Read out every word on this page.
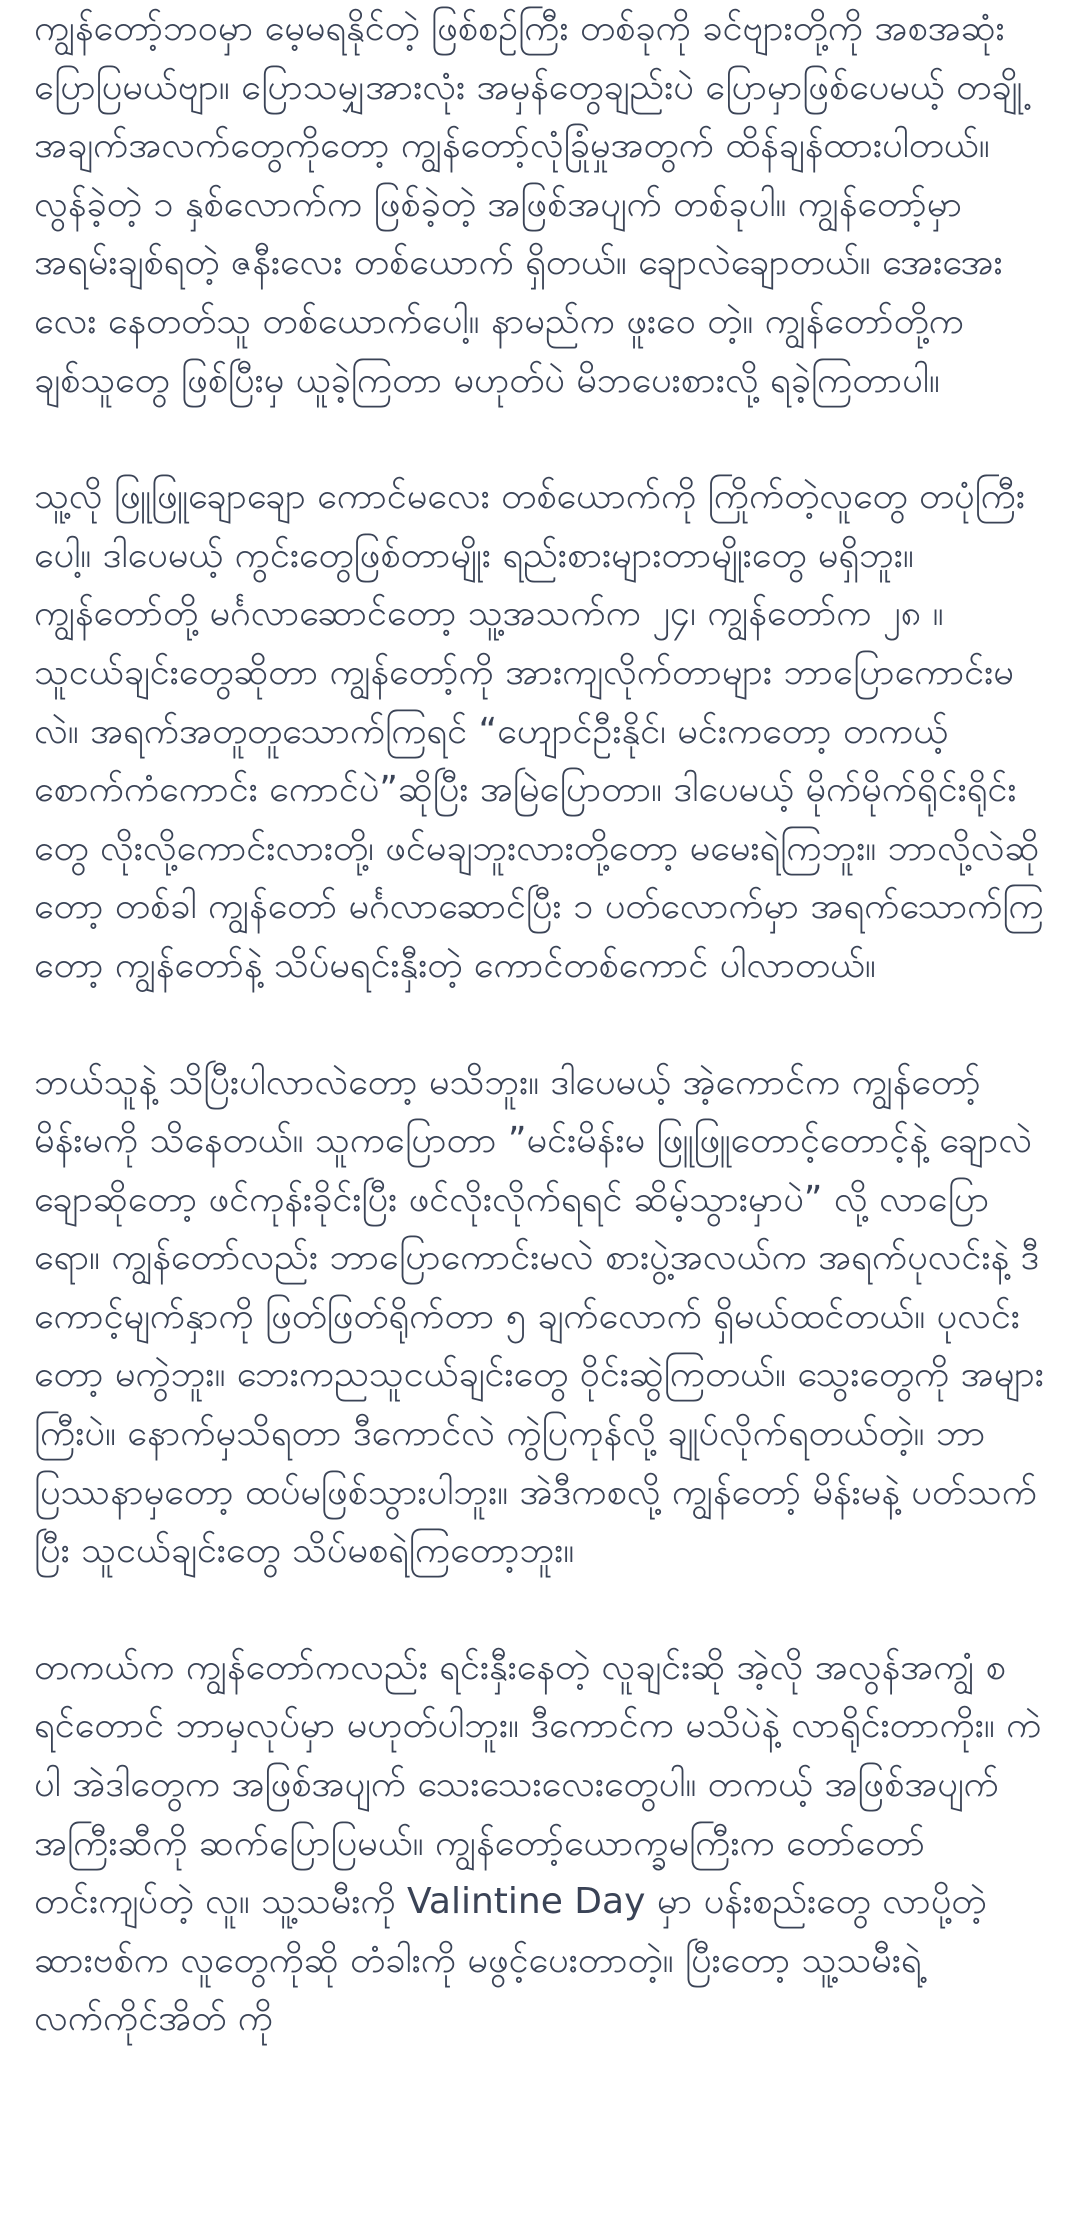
ကျွန်တော့်ဘဝမှာ မေ့မရနိုင်တဲ့ ဖြစ်စဉ်ကြီး တစ်ခုကို ခင်ဗျားတို့ကို အစအဆုံး ပြောပြမယ်ဗျာ။ ပြောသမျှအားလုံး အမှန်တွေချည်းပဲ ပြောမှာဖြစ်ပေမယ့် တချို့အချက်အလက်တွေကိုတော့ ကျွန်တော့်လုံခြုံမှုအတွက် ထိန်ချန်ထားပါတယ်။ လွန်ခဲ့တဲ့ ၁ နှစ်လောက်က ဖြစ်ခဲ့တဲ့ အဖြစ်အပျက် တစ်ခုပါ။ ကျွန်တော့်မှာ အရမ်းချစ်ရတဲ့ ဇနီးလေး တစ်ယောက် ရှိတယ်။ ချောလဲချောတယ်။ အေးအေးလေး နေတတ်သူ တစ်ယောက်ပေါ့။ နာမည်က ဖူးဝေ တဲ့။ ကျွန်တော်တို့က ချစ်သူတွေ ဖြစ်ပြီးမှ ယူခဲ့ကြတာ မဟုတ်ပဲ မိဘပေးစားလို့ ရခဲ့ကြတာပါ။

သူ့လို ဖြူဖြူချောချော ကောင်မလေး တစ်ယောက်ကို ကြိုက်တဲ့လူတွေ တပုံကြီးပေါ့။ ဒါပေမယ့် ကွင်းတွေဖြစ်တာမျိုး ရည်းစားများတာမျိုးတွေ မရှိဘူး။ ကျွန်တော်တို့ မင်္ဂလာဆောင်တော့ သူ့အသက်က ၂၄၊ ကျွန်တော်က ၂၈ ။ သူငယ်ချင်းတွေဆိုတာ ကျွန်တော့်ကို အားကျလိုက်တာများ ဘာပြောကောင်းမလဲ။ အရက်အတူတူသောက်ကြရင် “ဟျောင်ဦးနိုင်၊ မင်းကတော့ တကယ့် စောက်ကံကောင်း ကောင်ပဲ”ဆိုပြီး အမြဲပြောတာ။ ဒါပေမယ့် မိုက်မိုက်ရိုင်းရိုင်းတွေ လိုးလို့ကောင်းလားတို့၊ ဖင်မချဘူးလားတို့တော့ မမေးရဲကြဘူး။ ဘာလို့လဲဆိုတော့ တစ်ခါ ကျွန်တော် မင်္ဂလာဆောင်ပြီး ၁ ပတ်လောက်မှာ အရက်သောက်ကြတော့ ကျွန်တော်နဲ့ သိပ်မရင်းနှီးတဲ့ ကောင်တစ်ကောင် ပါလာတယ်။

ဘယ်သူနဲ့ သိပြီးပါလာလဲတော့ မသိဘူး။ ဒါပေမယ့် အဲ့ကောင်က ကျွန်တော့်မိန်းမကို သိနေတယ်။ သူကပြောတာ ”မင်းမိန်းမ ဖြူဖြူတောင့်တောင့်နဲ့ ချောလဲချောဆိုတော့ ဖင်ကုန်းခိုင်းပြီး ဖင်လိုးလိုက်ရရင် ဆိမ့်သွားမှာပဲ” လို့ လာပြောရော။ ကျွန်တော်လည်း ဘာပြောကောင်းမလဲ စားပွဲ့အလယ်က အရက်ပုလင်းနဲ့ ဒီကောင့်မျက်နှာကို ဖြတ်ဖြတ်ရိုက်တာ ၅ ချက်လောက် ရှိမယ်ထင်တယ်။ ပုလင်းတော့ မကွဲဘူး။ ဘေးကညသူငယ်ချင်းတွေ ဝိုင်းဆွဲကြတယ်။ သွေးတွေကို အများကြီးပဲ။ နောက်မှသိရတာ ဒီကောင်လဲ ကွဲပြကုန်လို့ ချုပ်လိုက်ရတယ်တဲ့။ ဘာပြဿနာမှတော့ ထပ်မဖြစ်သွားပါဘူး။ အဲဒီကစလို့ ကျွန်တော့် မိန်းမနဲ့ ပတ်သက်ပြီး သူငယ်ချင်းတွေ သိပ်မစရဲကြတော့ဘူး။

တကယ်က ကျွန်တော်ကလည်း ရင်းနှီးနေတဲ့ လူချင်းဆို အဲ့လို အလွန်အကျွံ စရင်တောင် ဘာမှလုပ်မှာ မဟုတ်ပါဘူး။ ဒီကောင်က မသိပဲနဲ့ လာရိုင်းတာကိုး။ ကဲပါ အဲဒါတွေက အဖြစ်အပျက် သေးသေးလေးတွေပါ။ တကယ့် အဖြစ်အပျက်အကြီးဆီကို ဆက်ပြောပြမယ်။ ကျွန်တော့်ယောက္ခမကြီးက တော်တော်တင်းကျပ်တဲ့ လူ။ သူ့သမီးကို Valintine Day မှာ ပန်းစည်းတွေ လာပို့တဲ့ ဆားဗစ်က လူတွေကိုဆို တံခါးကို မဖွင့်ပေးတာတဲ့။ ပြီးတော့ သူ့သမီးရဲ့ လက်ကိုင်အိတ် ကို
